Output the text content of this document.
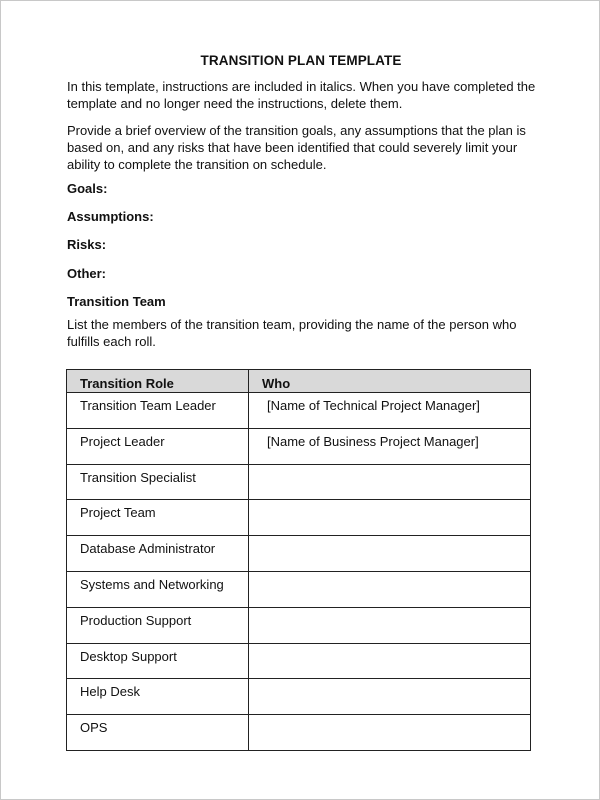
TRANSITION PLAN TEMPLATE
In this template, instructions are included in italics. When you have completed the template and no longer need the instructions, delete them.
Provide a brief overview of the transition goals, any assumptions that the plan is based on, and any risks that have been identified that could severely limit your ability to complete the transition on schedule.
Goals:
Assumptions:
Risks:
Other:
Transition Team
List the members of the transition team, providing the name of the person who fulfills each roll.
Transition Role	Who
Transition Team Leader	[Name of Technical Project Manager]
Project Leader	[Name of Business Project Manager]
Transition Specialist	
Project Team	
Database Administrator	
Systems and Networking	
Production Support	
Desktop Support	
Help Desk	
OPS	
